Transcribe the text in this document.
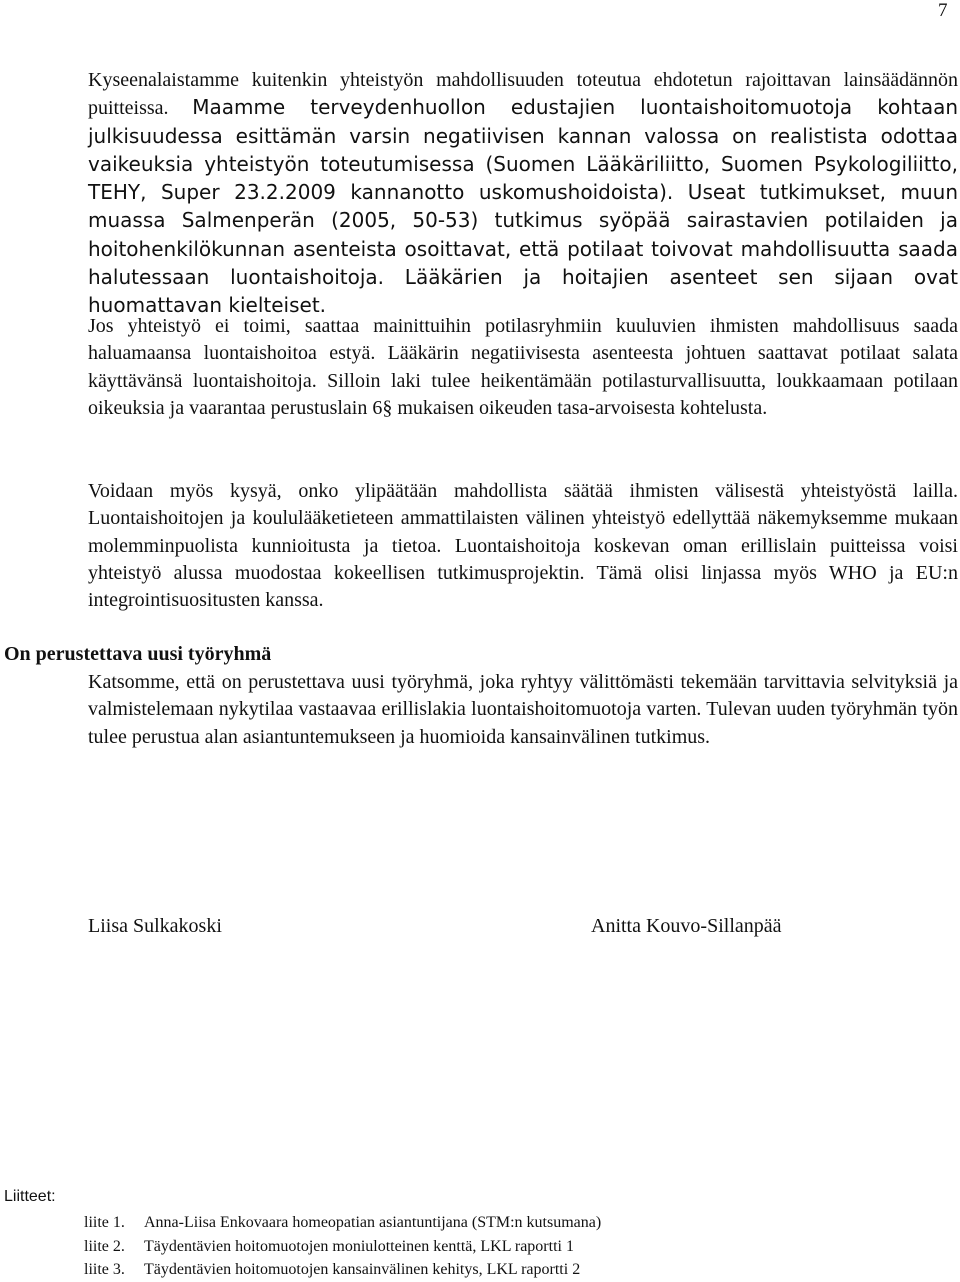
7

Kyseenalaistamme kuitenkin yhteistyön mahdollisuuden toteutua ehdotetun rajoittavan lainsäädännön puitteissa. Maamme terveydenhuollon edustajien luontaishoitomuotoja kohtaan julkisuudessa esittämän varsin negatiivisen kannan valossa on realistista odottaa vaikeuksia yhteistyön toteutumisessa (Suomen Lääkäriliitto, Suomen Psykologiliitto, TEHY, Super 23.2.2009 kannanotto uskomushoidoista). Useat tutkimukset, muun muassa Salmenperän (2005, 50-53) tutkimus syöpää sairastavien potilaiden ja hoitohenkilökunnan asenteista osoittavat, että potilaat toivovat mahdollisuutta saada halutessaan luontaishoitoja. Lääkärien ja hoitajien asenteet sen sijaan ovat huomattavan kielteiset.

Jos yhteistyö ei toimi, saattaa mainittuihin potilasryhmiin kuuluvien ihmisten mahdollisuus saada haluamaansa luontaishoitoa estyä. Lääkärin negatiivisesta asenteesta johtuen saattavat potilaat salata käyttävänsä luontaishoitoja. Silloin laki tulee heikentämään potilasturvallisuutta, loukkaamaan potilaan oikeuksia ja vaarantaa perustuslain 6§ mukaisen oikeuden tasa-arvoisesta kohtelusta.

Voidaan myös kysyä, onko ylipäätään mahdollista säätää ihmisten välisestä yhteistyöstä lailla. Luontaishoitojen ja koululääketieteen ammattilaisten välinen yhteistyö edellyttää näkemyksemme mukaan molemminpuolista kunnioitusta ja tietoa. Luontaishoitoja koskevan oman erillislain puitteissa voisi yhteistyö alussa muodostaa kokeellisen tutkimusprojektin. Tämä olisi linjassa myös WHO ja EU:n integrointisuositusten kanssa.

On perustettava uusi työryhmä

Katsomme, että on perustettava uusi työryhmä, joka ryhtyy välittömästi tekemään tarvittavia selvityksiä ja valmistelemaan nykytilaa vastaavaa erillislakia luontaishoitomuotoja varten. Tulevan uuden työryhmän työn tulee perustua alan asiantuntemukseen ja huomioida kansainvälinen tutkimus.

Liisa Sulkakoski	Anitta Kouvo-Sillanpää
Liitteet:
liite 1. Anna-Liisa Enkovaara homeopatian asiantuntijana (STM:n kutsumana)
liite 2. Täydentävien hoitomuotojen moniulotteinen kenttä, LKL raportti 1
liite 3. Täydentävien hoitomuotojen kansainvälinen kehitys, LKL raportti 2
